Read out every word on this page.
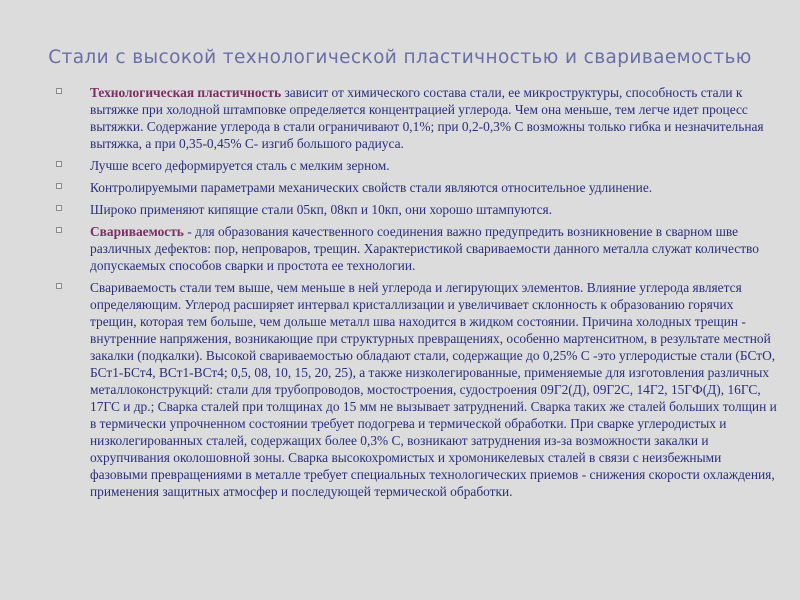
Стали с высокой технологической пластичностью и свариваемостью
Технологическая пластичность зависит от химического состава стали, ее микроструктуры, способность стали к вытяжке при холодной штамповке определяется концентрацией углерода. Чем она меньше, тем легче идет процесс вытяжки. Содержание углерода в стали ограничивают 0,1%; при 0,2-0,3% С возможны только гибка и незначительная вытяжка, а при 0,35-0,45% С- изгиб большого радиуса.
Лучше всего деформируется сталь с мелким зерном.
Контролируемыми параметрами механических свойств стали являются относительное удлинение.
Широко применяют кипящие стали 05кп, 08кп и 10кп, они хорошо штампуются.
Свариваемость - для образования качественного соединения важно предупредить возникновение в сварном шве различных дефектов: пор, непроваров, трещин. Характеристикой свариваемости данного металла служат количество допускаемых способов сварки и простота ее технологии.
Свариваемость стали тем выше, чем меньше в ней углерода и легирующих элементов. Влияние углерода является определяющим. Углерод расширяет интервал кристаллизации и увеличивает склонность к образованию горячих трещин, которая тем больше, чем дольше металл шва находится в жидком состоянии. Причина холодных трещин - внутренние напряжения, возникающие при структурных превращениях, особенно мартенситном, в результате местной закалки (подкалки). Высокой свариваемостью обладают стали, содержащие до 0,25% С -это углеродистые стали (БСтО, БСт1-БСт4, ВСт1-ВСт4; 0,5, 08, 10, 15, 20, 25), а также низколегированные, применяемые для изготовления различных металлоконструкций: стали для трубопроводов, мостостроения, судостроения 09Г2(Д), 09Г2С, 14Г2, 15ГФ(Д), 16ГС, 17ГС и др.; Сварка сталей при толщинах до 15 мм не вызывает затруднений. Сварка таких же сталей больших толщин и в термически упрочненном состоянии требует подогрева и термической обработки. При сварке углеродистых и низколегированных сталей, содержащих более 0,3% С, возникают затруднения из-за возможности закалки и охрупчивания околошовной зоны. Сварка высокохромистых и хромоникелевых сталей в связи с неизбежными фазовыми превращениями в металле требует специальных технологических приемов - снижения скорости охлаждения, применения защитных атмосфер и последующей термической обработки.
